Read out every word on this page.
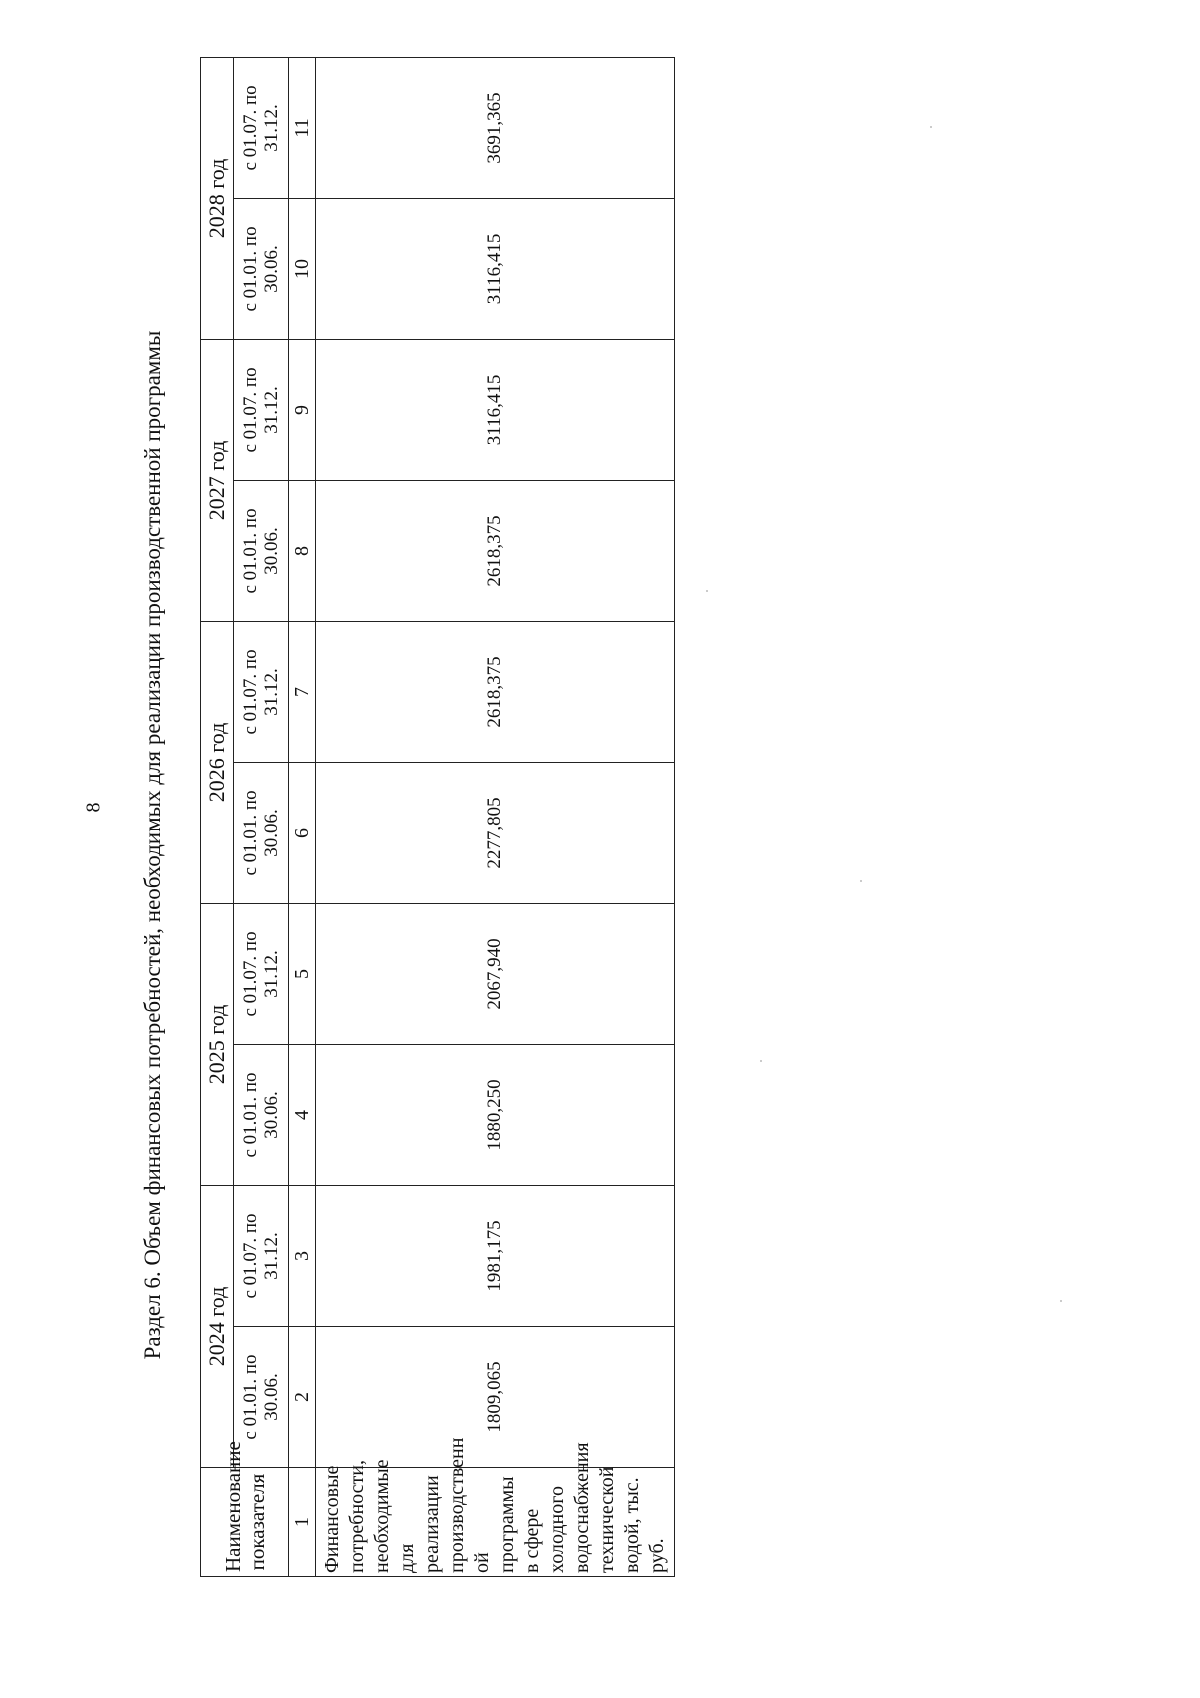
8 Раздел 6. Объем финансовых потребностей, необходимых для реализации производственной программы
Наименование показателя	2024 год		2025 год		2026 год		2027 год		2028 год	
	с 01.01. по 30.06.	с 01.07. по 31.12.	с 01.01. по 30.06.	с 01.07. по 31.12.	с 01.01. по 30.06.	с 01.07. по 31.12.	с 01.01. по 30.06.	с 01.07. по 31.12.	с 01.01. по 30.06.	с 01.07. по 31.12.
1	2	3	4	5	6	7	8	9	10	11
Финансовые потребности, необходимые для реализации производственн ой программы в сфере холодного водоснабжения технической водой, тыс. руб.	1809,065	1981,175	1880,250	2067,940	2277,805	2618,375	2618,375	3116,415	3116,415	3691,365
